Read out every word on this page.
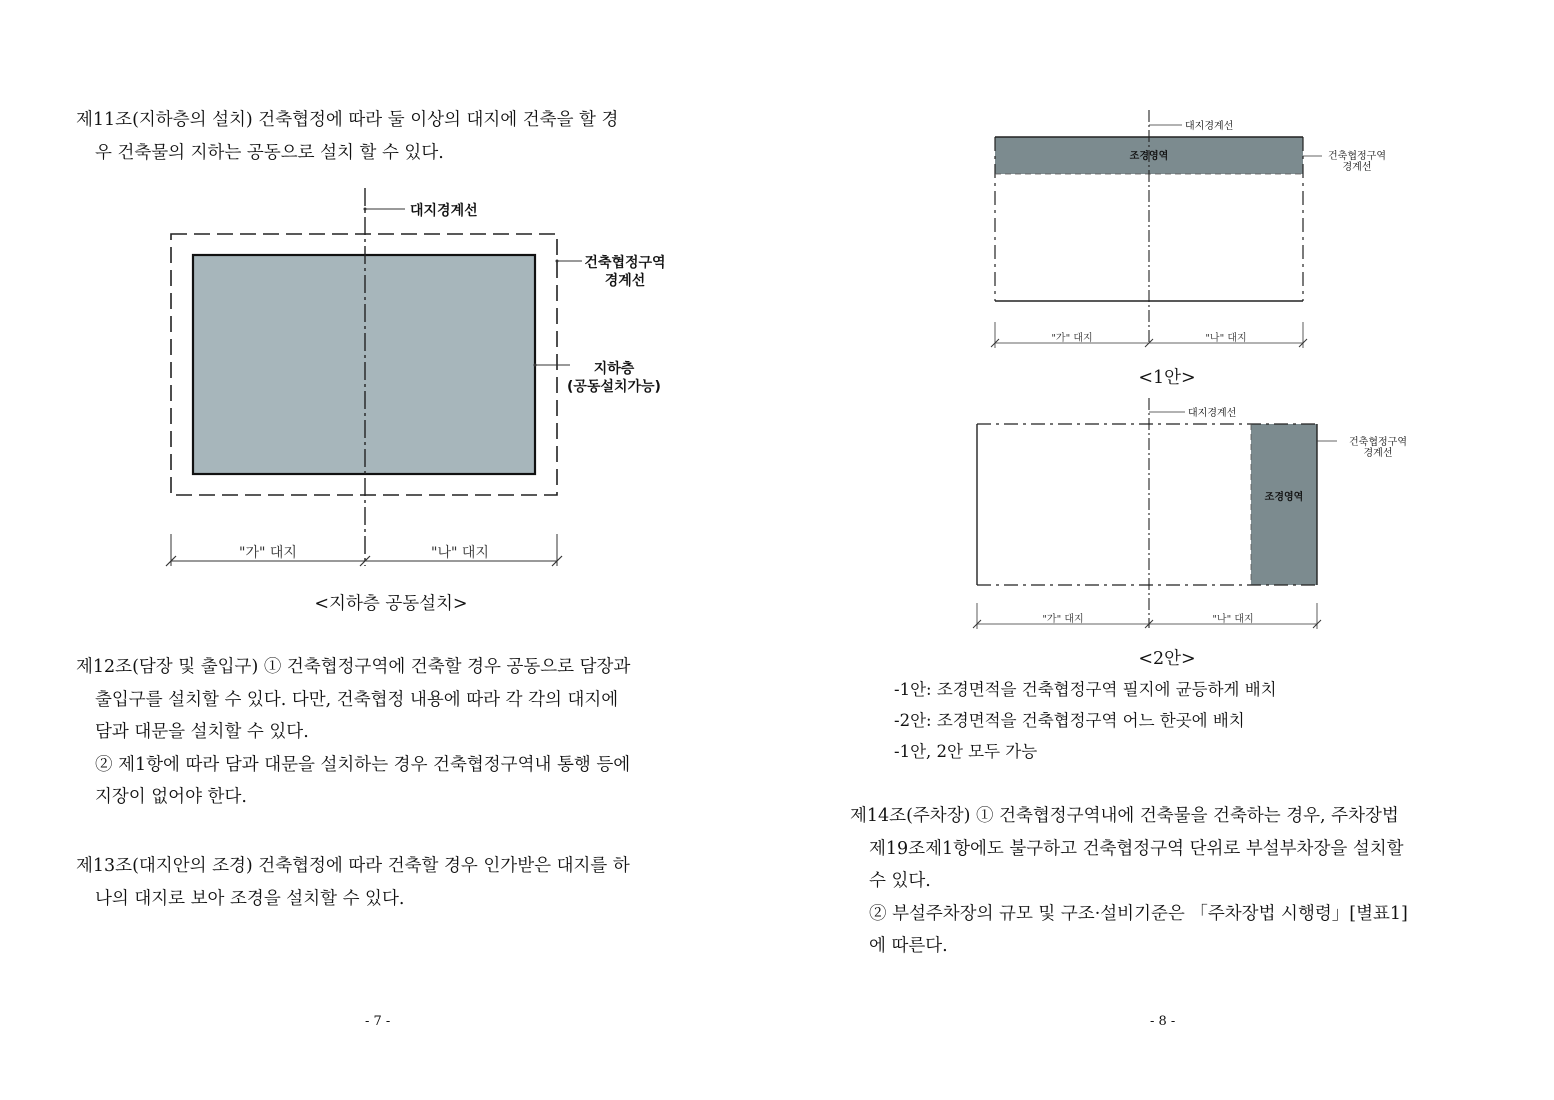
제11조(지하층의 설치) 건축협정에 따라 둘 이상의 대지에 건축을 할 경
우 건축물의 지하는 공동으로 설치 할 수 있다.
대지경계선
건축협정구역
경계선
지하층
(공동설치가능)
"가" 대지	"나" 대지
<지하층 공동설치>
제12조(담장 및 출입구) ① 건축협정구역에 건축할 경우 공동으로 담장과
출입구를 설치할 수 있다. 다만, 건축협정 내용에 따라 각 각의 대지에
담과 대문을 설치할 수 있다.
② 제1항에 따라 담과 대문을 설치하는 경우 건축협정구역내 통행 등에
지장이 없어야 한다.
제13조(대지안의 조경) 건축협정에 따라 건축할 경우 인가받은 대지를 하
나의 대지로 보아 조경을 설치할 수 있다.
- 7 -
대지경계선
조경영역	건축협정구역
경계선
"가" 대지	"나" 대지
<1안>
대지경계선
조경영역
건축협정구역
경계선
"가" 대지	"나" 대지
<2안>
-1안: 조경면적을 건축협정구역 필지에 균등하게 배치
-2안: 조경면적을 건축협정구역 어느 한곳에 배치
-1안, 2안 모두 가능
제14조(주차장) ① 건축협정구역내에 건축물을 건축하는 경우, 주차장법
제19조제1항에도 불구하고 건축협정구역 단위로 부설부차장을 설치할
수 있다.
② 부설주차장의 규모 및 구조·설비기준은 「주차장법 시행령」[별표1]
에 따른다.
- 8 -
